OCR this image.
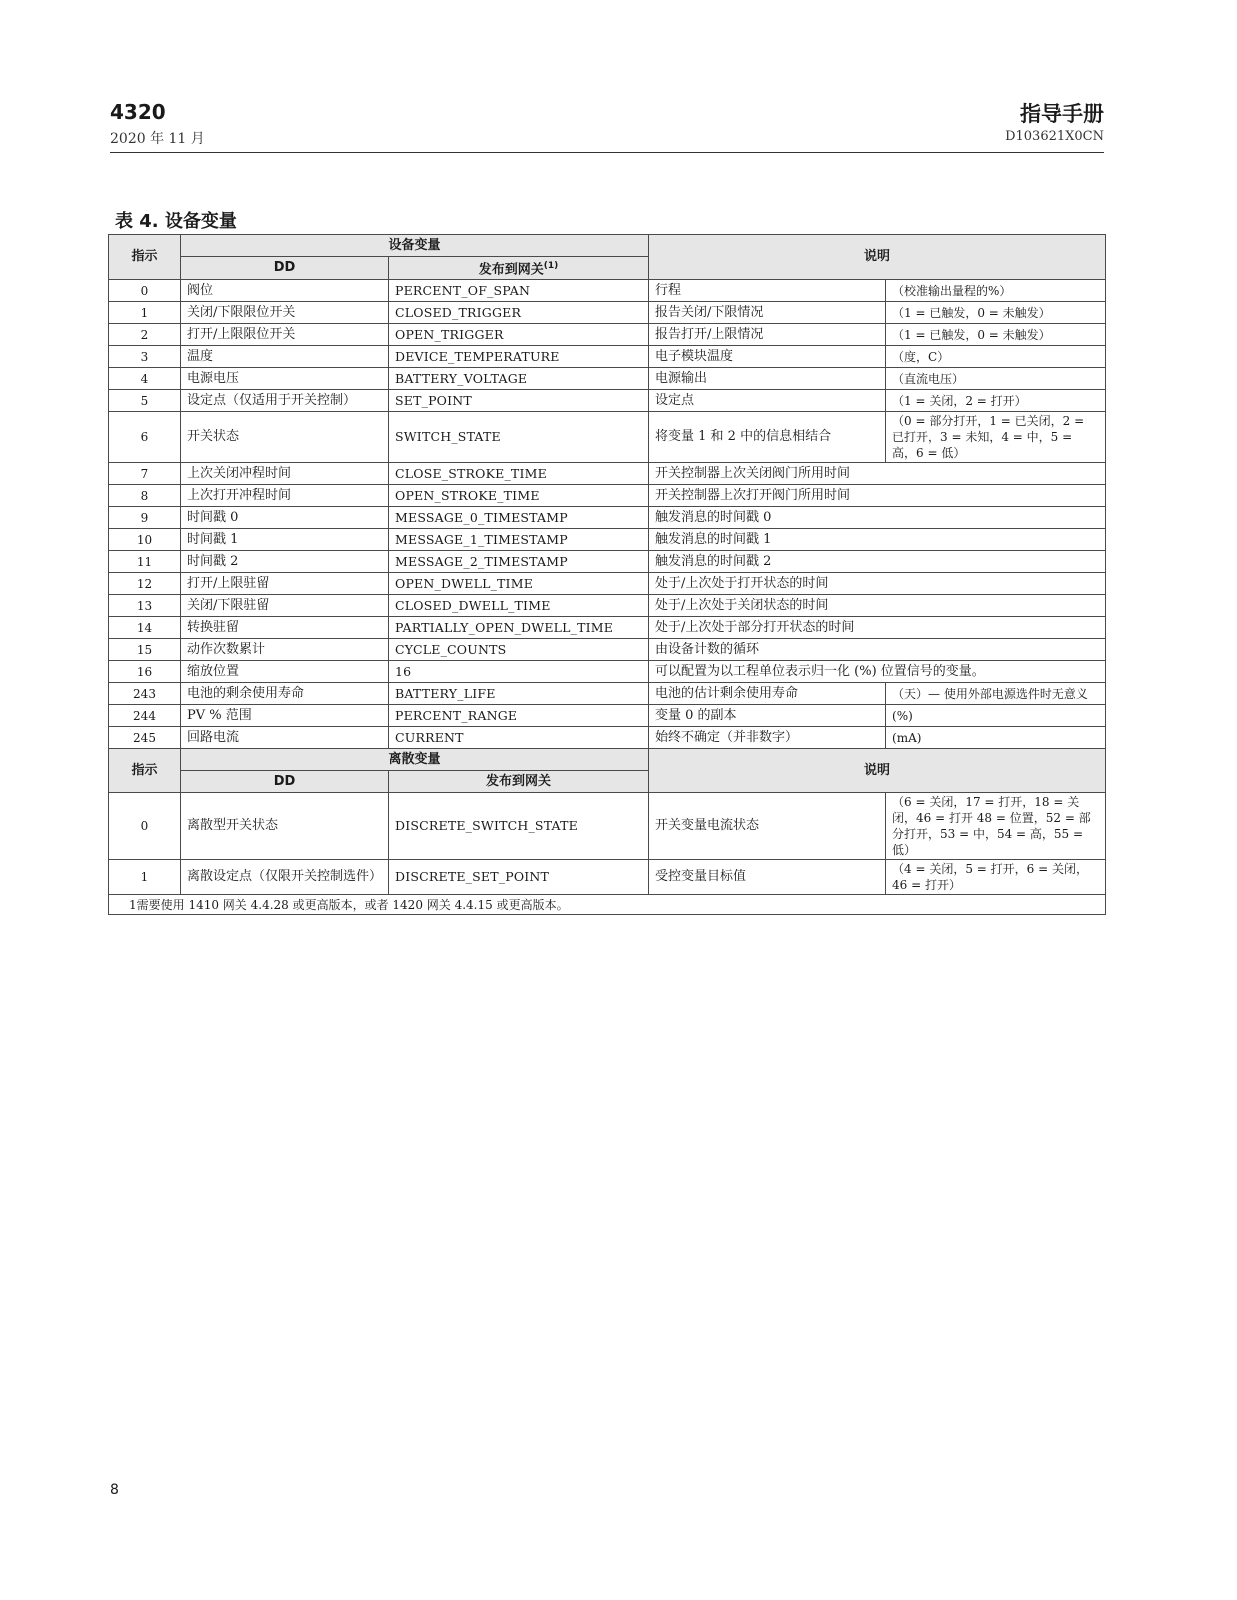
4320
2020 年 11 月
指导手册
D103621X0CN
表 4. 设备变量
指示	设备变量		说明	
	DD	发布到网关$^{(1)}$
0	阀位	PERCENT_OF_SPAN	行程	（校准输出量程的%）
1	关闭/下限限位开关	CLOSED_TRIGGER	报告关闭/下限情况	（1 = 已触发，0 = 未触发）
2	打开/上限限位开关	OPEN_TRIGGER	报告打开/上限情况	（1 = 已触发，0 = 未触发）
3	温度	DEVICE_TEMPERATURE	电子模块温度	（度，C）
4	电源电压	BATTERY_VOLTAGE	电源输出	（直流电压）
5	设定点（仅适用于开关控制）	SET_POINT	设定点	（1 = 关闭，2 = 打开）
6	开关状态	SWITCH_STATE	将变量 1 和 2 中的信息相结合	（0 = 部分打开，1 = 已关闭，2 = 已打开，3 = 未知，4 = 中，5 = 高，6 = 低）
7	上次关闭冲程时间	CLOSE_STROKE_TIME	开关控制器上次关闭阀门所用时间	
8	上次打开冲程时间	OPEN_STROKE_TIME	开关控制器上次打开阀门所用时间	
9	时间戳 0	MESSAGE_0_TIMESTAMP	触发消息的时间戳 0	
10	时间戳 1	MESSAGE_1_TIMESTAMP	触发消息的时间戳 1	
11	时间戳 2	MESSAGE_2_TIMESTAMP	触发消息的时间戳 2	
12	打开/上限驻留	OPEN_DWELL_TIME	处于/上次处于打开状态的时间	
13	关闭/下限驻留	CLOSED_DWELL_TIME	处于/上次处于关闭状态的时间	
14	转换驻留	PARTIALLY_OPEN_DWELL_TIME	处于/上次处于部分打开状态的时间	
15	动作次数累计	CYCLE_COUNTS	由设备计数的循环	
16	缩放位置	16	可以配置为以工程单位表示归一化 (%) 位置信号的变量。	
243	电池的剩余使用寿命	BATTERY_LIFE	电池的估计剩余使用寿命	（天）— 使用外部电源选件时无意义
244	PV % 范围	PERCENT_RANGE	变量 0 的副本	(%)
245	回路电流	CURRENT	始终不确定（并非数字）	(mA)
指示	离散变量		说明	
	DD	发布到网关		
0	离散型开关状态	DISCRETE_SWITCH_STATE	开关变量电流状态	（6 = 关闭，17 = 打开，18 = 关闭，46 = 打开 48 = 位置，52 = 部分打开，53 = 中，54 = 高，55 = 低）
1	离散设定点（仅限开关控制选件）	DISCRETE_SET_POINT	受控变量目标值	（4 = 关闭，5 = 打开，6 = 关闭，46 = 打开）
1需要使用 1410 网关 4.4.28 或更高版本，或者 1420 网关 4.4.15 或更高版本。				
8
